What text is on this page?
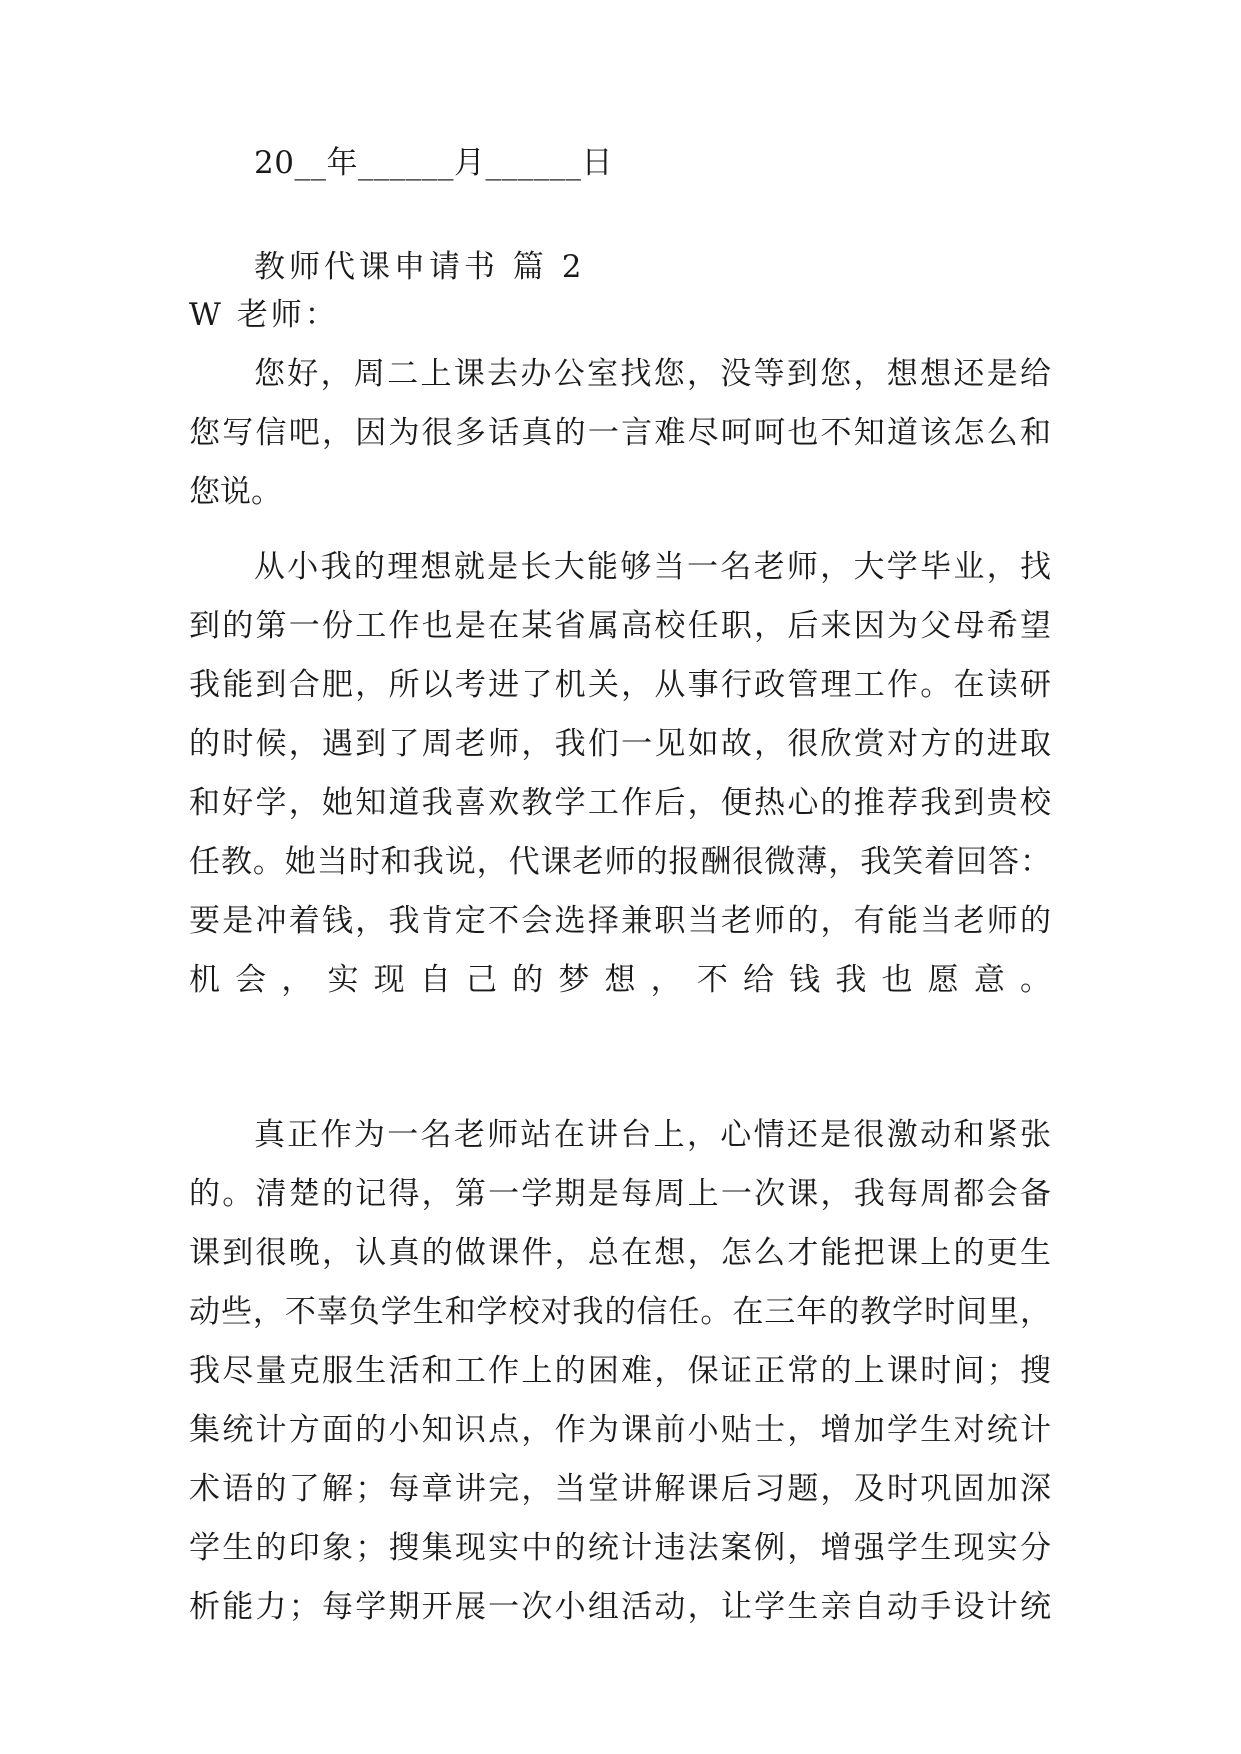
20__年______月______日
教师代课申请书 篇 2
W 老师：
您好，周二上课去办公室找您，没等到您，想想还是给
您写信吧，因为很多话真的一言难尽呵呵也不知道该怎么和
您说。
从小我的理想就是长大能够当一名老师，大学毕业，找
到的第一份工作也是在某省属高校任职，后来因为父母希望
我能到合肥，所以考进了机关，从事行政管理工作。在读研
的时候，遇到了周老师，我们一见如故，很欣赏对方的进取
和好学，她知道我喜欢教学工作后，便热心的推荐我到贵校
任教。她当时和我说，代课老师的报酬很微薄，我笑着回答：
要是冲着钱，我肯定不会选择兼职当老师的，有能当老师的
机会，实现自己的梦想，不给钱我也愿意。
真正作为一名老师站在讲台上，心情还是很激动和紧张
的。清楚的记得，第一学期是每周上一次课，我每周都会备
课到很晚，认真的做课件，总在想，怎么才能把课上的更生
动些，不辜负学生和学校对我的信任。在三年的教学时间里，
我尽量克服生活和工作上的困难，保证正常的上课时间；搜
集统计方面的小知识点，作为课前小贴士，增加学生对统计
术语的了解；每章讲完，当堂讲解课后习题，及时巩固加深
学生的印象；搜集现实中的统计违法案例，增强学生现实分
析能力；每学期开展一次小组活动，让学生亲自动手设计统
